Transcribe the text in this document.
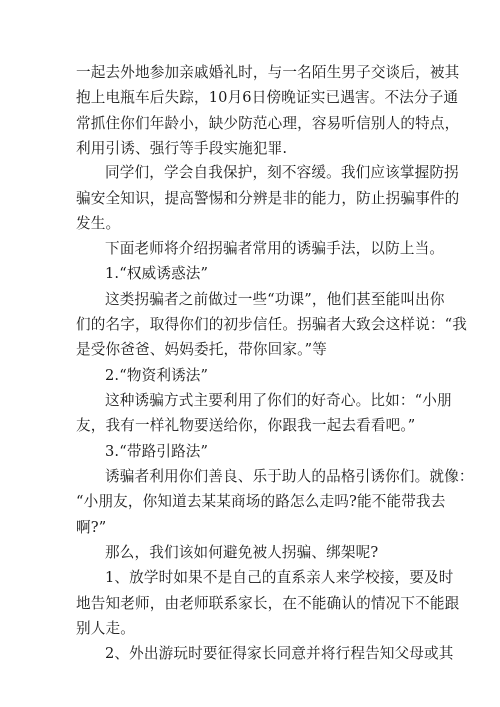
一起去外地参加亲戚婚礼时，与一名陌生男子交谈后，被其
抱上电瓶车后失踪，10月6日傍晚证实已遇害。不法分子通
常抓住你们年龄小，缺少防范心理，容易听信别人的特点，
利用引诱、强行等手段实施犯罪.
同学们，学会自我保护，刻不容缓。我们应该掌握防拐
骗安全知识，提高警惕和分辨是非的能力，防止拐骗事件的
发生。
下面老师将介绍拐骗者常用的诱骗手法，以防上当。
1.“权威诱惑法”
这类拐骗者之前做过一些“功课”，他们甚至能叫出你
们的名字，取得你们的初步信任。拐骗者大致会这样说：“我
是受你爸爸、妈妈委托，带你回家。”等
2.“物资利诱法”
这种诱骗方式主要利用了你们的好奇心。比如：“小朋
友，我有一样礼物要送给你，你跟我一起去看看吧。”
3.“带路引路法”
诱骗者利用你们善良、乐于助人的品格引诱你们。就像：
“小朋友，你知道去某某商场的路怎么走吗?能不能带我去
啊?”
那么，我们该如何避免被人拐骗、绑架呢?
1、放学时如果不是自己的直系亲人来学校接，要及时
地告知老师，由老师联系家长，在不能确认的情况下不能跟
别人走。
2、外出游玩时要征得家长同意并将行程告知父母或其
